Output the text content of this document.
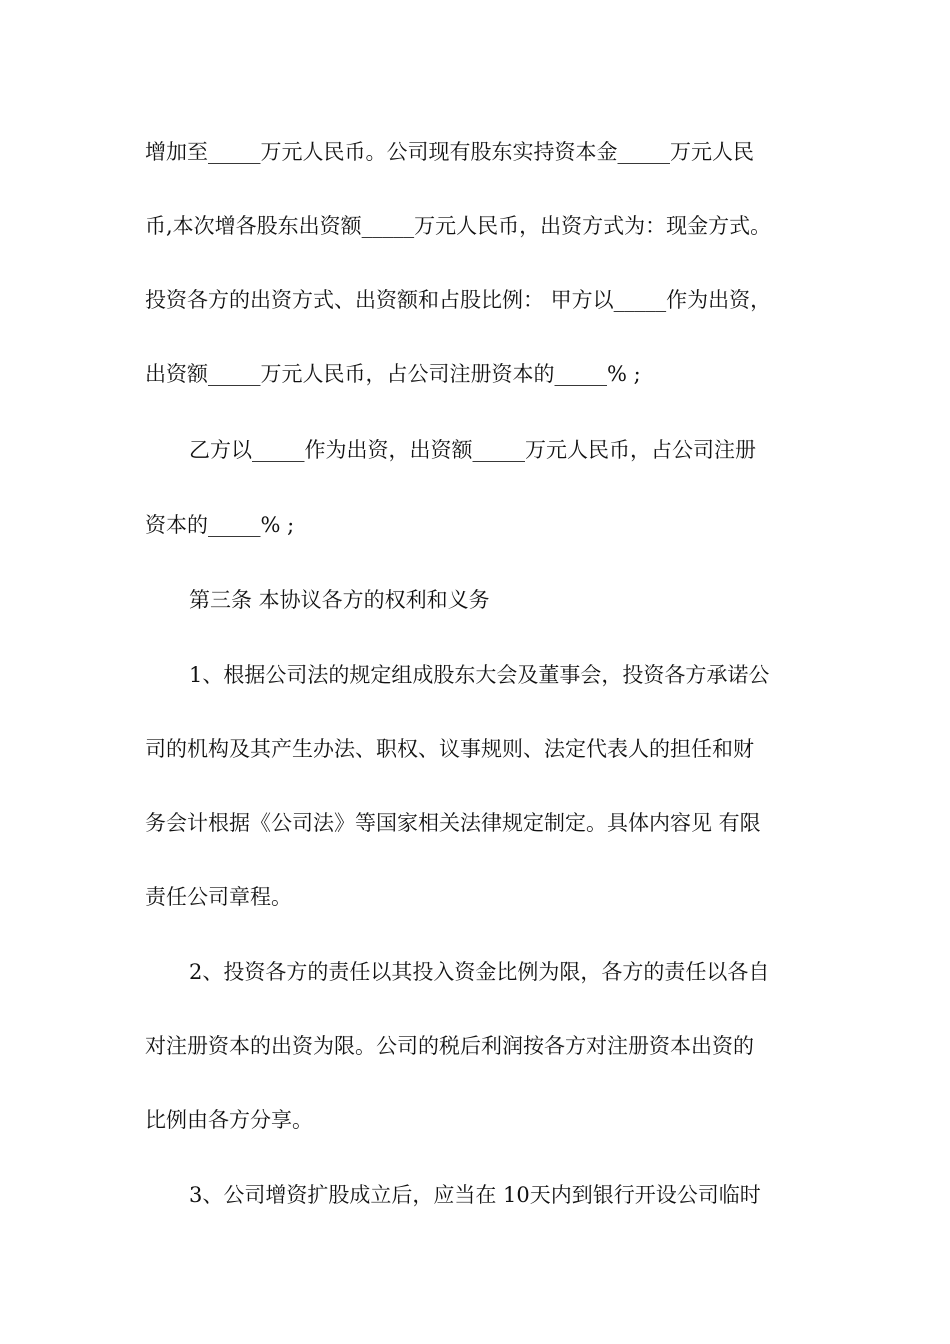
增加至_____万元人民币。公司现有股东实持资本金_____万元人民

币,本次增各股东出资额_____万元人民币，出资方式为：现金方式。

投资各方的出资方式、出资额和占股比例： 甲方以_____作为出资，

出资额_____万元人民币，占公司注册资本的_____% ;

乙方以_____作为出资，出资额_____万元人民币，占公司注册

资本的_____% ;

第三条 本协议各方的权利和义务

1、根据公司法的规定组成股东大会及董事会，投资各方承诺公

司的机构及其产生办法、职权、议事规则、法定代表人的担任和财

务会计根据《公司法》等国家相关法律规定制定。具体内容见 有限

责任公司章程。

2、投资各方的责任以其投入资金比例为限，各方的责任以各自

对注册资本的出资为限。公司的税后利润按各方对注册资本出资的

比例由各方分享。

3、公司增资扩股成立后，应当在 10天内到银行开设公司临时
